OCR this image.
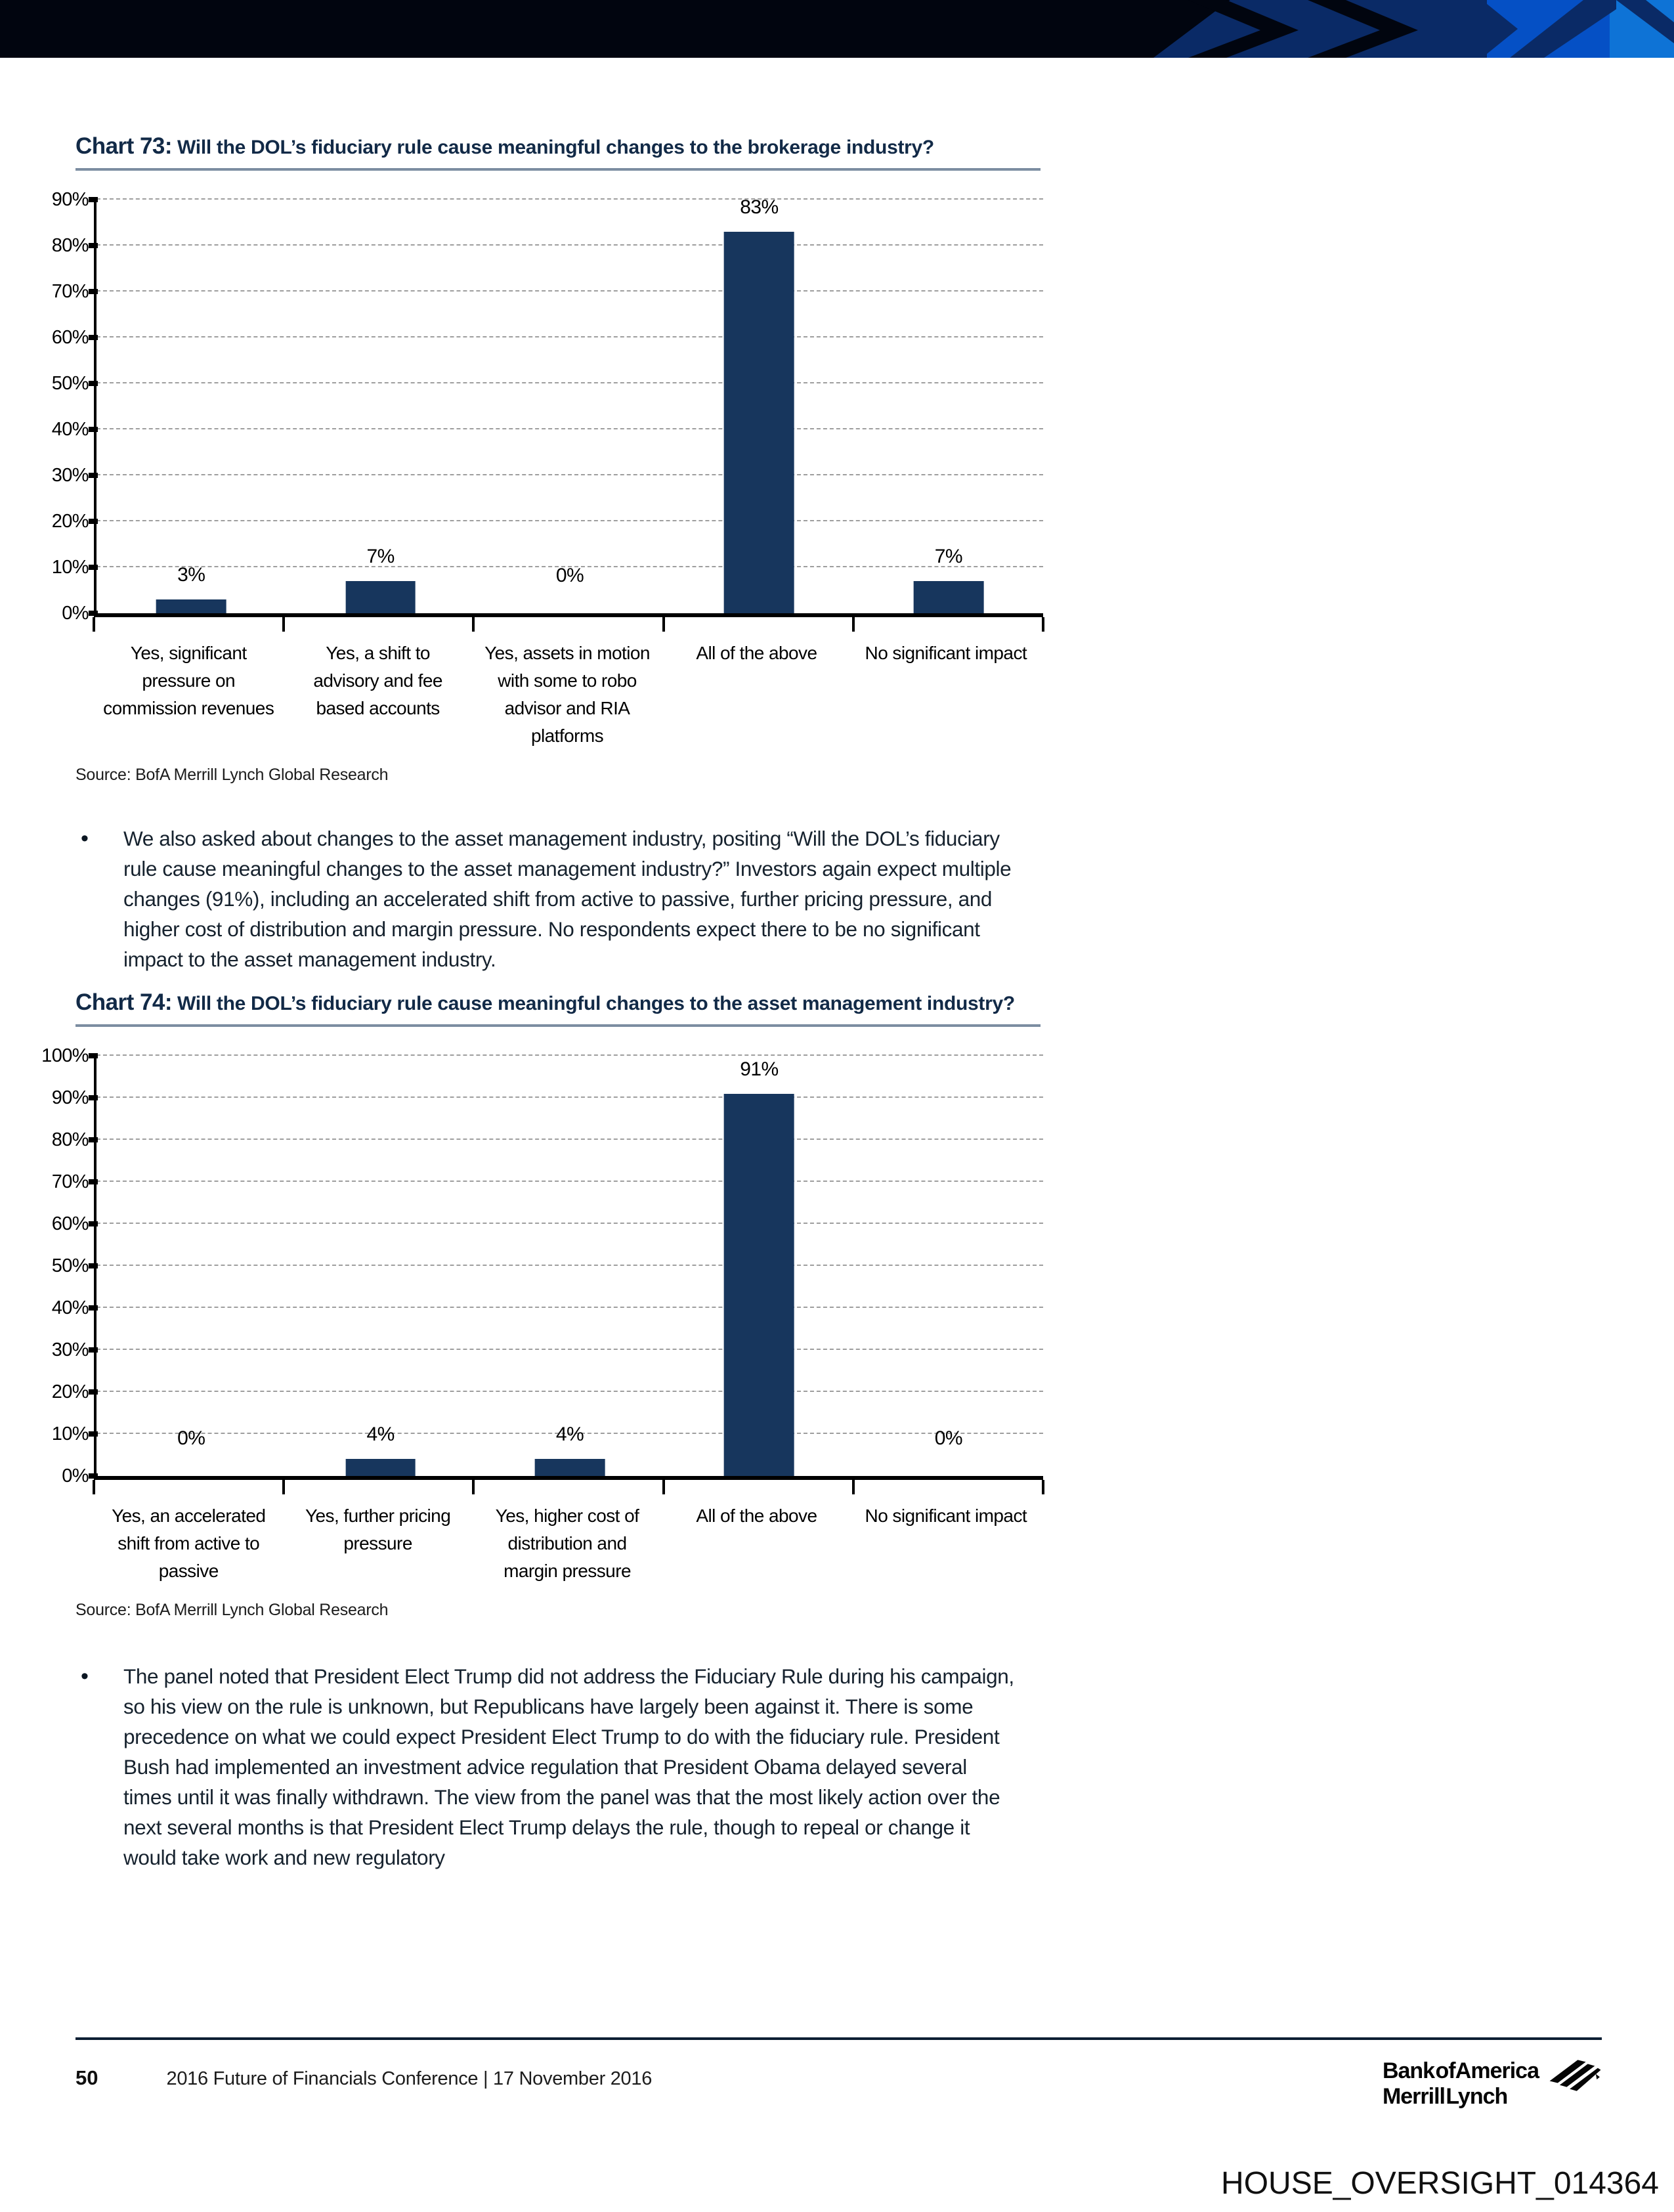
Chart 73: Will the DOL’s fiduciary rule cause meaningful changes to the brokerage industry?
0%
10%
20%
30%
40%
50%
60%
70%
80%
90%
3%
7%
0%
83%
7%
Yes, significant pressure on commission revenues
Yes, a shift to advisory and fee based accounts
Yes, assets in motion with some to robo advisor and RIA platforms
All of the above	No significant impact
Source: BofA Merrill Lynch Global Research
•	We also asked about changes to the asset management industry, positing “Will the DOL’s fiduciary rule cause meaningful changes to the asset management industry?” Investors again expect multiple changes (91%), including an accelerated shift from active to passive, further pricing pressure, and higher cost of distribution and margin pressure. No respondents expect there to be no significant impact to the asset management industry.
Chart 74: Will the DOL’s fiduciary rule cause meaningful changes to the asset management industry?
0%
10%
20%
30%
40%
50%
60%
70%
80%
90%
100%
0%	4%	4%
91%
0%
Yes, an accelerated shift from active to passive
Yes, further pricing pressure
Yes, higher cost of distribution and margin pressure
All of the above	No significant impact
Source: BofA Merrill Lynch Global Research
•	The panel noted that President Elect Trump did not address the Fiduciary Rule during his campaign, so his view on the rule is unknown, but Republicans have largely been against it. There is some precedence on what we could expect President Elect Trump to do with the fiduciary rule. President Bush had implemented an investment advice regulation that President Obama delayed several times until it was finally withdrawn. The view from the panel was that the most likely action over the next several months is that President Elect Trump delays the rule, though to repeal or change it would take work and new regulatory
50	2016 Future of Financials Conference | 17 November 2016	Bank of America
Merrill Lynch
HOUSE_OVERSIGHT_014364
